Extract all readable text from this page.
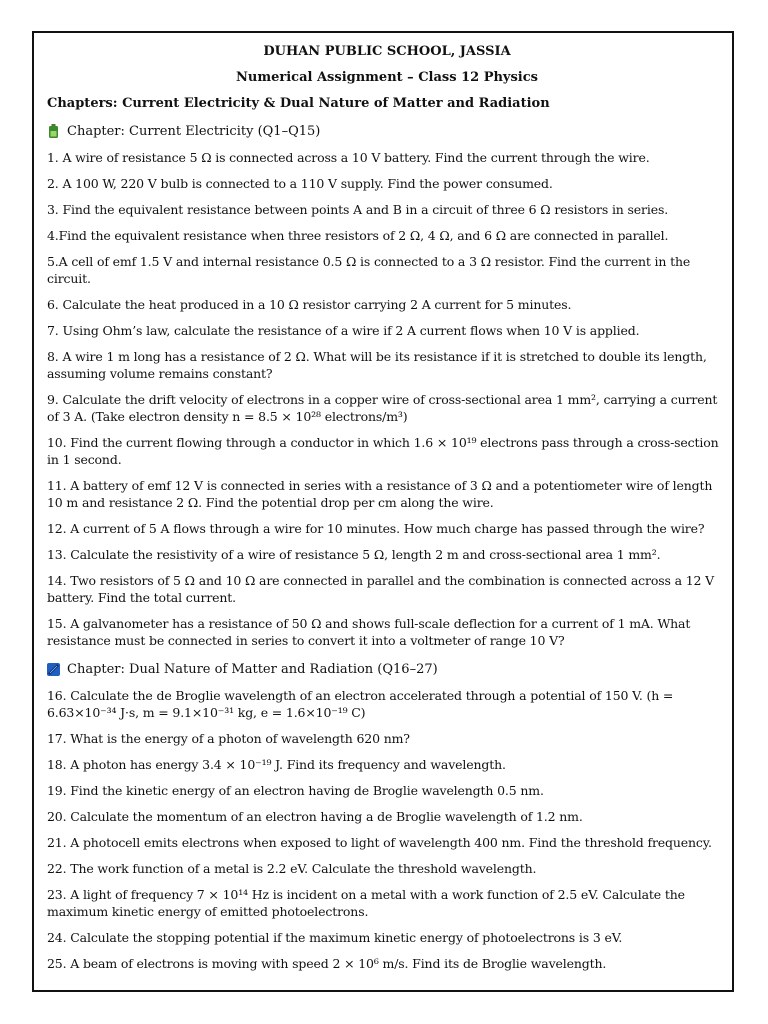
DUHAN PUBLIC SCHOOL, JASSIA
Numerical Assignment – Class 12 Physics
Chapters: Current Electricity & Dual Nature of Matter and Radiation
Chapter: Current Electricity (Q1–Q15)
1. A wire of resistance 5 Ω is connected across a 10 V battery. Find the current through the wire.
2. A 100 W, 220 V bulb is connected to a 110 V supply. Find the power consumed.
3. Find the equivalent resistance between points A and B in a circuit of three 6 Ω resistors in series.
4.Find the equivalent resistance when three resistors of 2 Ω, 4 Ω, and 6 Ω are connected in parallel.
5.A cell of emf 1.5 V and internal resistance 0.5 Ω is connected to a 3 Ω resistor. Find the current in the circuit.
6. Calculate the heat produced in a 10 Ω resistor carrying 2 A current for 5 minutes.
7. Using Ohm’s law, calculate the resistance of a wire if 2 A current flows when 10 V is applied.
8. A wire 1 m long has a resistance of 2 Ω. What will be its resistance if it is stretched to double its length, assuming volume remains constant?
9. Calculate the drift velocity of electrons in a copper wire of cross-sectional area 1 mm², carrying a current of 3 A. (Take electron density n = 8.5 × 10²⁸ electrons/m³)
10. Find the current flowing through a conductor in which 1.6 × 10¹⁹ electrons pass through a cross-section in 1 second.
11. A battery of emf 12 V is connected in series with a resistance of 3 Ω and a potentiometer wire of length 10 m and resistance 2 Ω. Find the potential drop per cm along the wire.
12. A current of 5 A flows through a wire for 10 minutes. How much charge has passed through the wire?
13. Calculate the resistivity of a wire of resistance 5 Ω, length 2 m and cross-sectional area 1 mm².
14. Two resistors of 5 Ω and 10 Ω are connected in parallel and the combination is connected across a 12 V battery. Find the total current.
15. A galvanometer has a resistance of 50 Ω and shows full-scale deflection for a current of 1 mA. What resistance must be connected in series to convert it into a voltmeter of range 10 V?
Chapter: Dual Nature of Matter and Radiation (Q16–27)
16. Calculate the de Broglie wavelength of an electron accelerated through a potential of 150 V. (h = 6.63×10⁻³⁴ J·s, m = 9.1×10⁻³¹ kg, e = 1.6×10⁻¹⁹ C)
17. What is the energy of a photon of wavelength 620 nm?
18. A photon has energy 3.4 × 10⁻¹⁹ J. Find its frequency and wavelength.
19. Find the kinetic energy of an electron having de Broglie wavelength 0.5 nm.
20. Calculate the momentum of an electron having a de Broglie wavelength of 1.2 nm.
21. A photocell emits electrons when exposed to light of wavelength 400 nm. Find the threshold frequency.
22. The work function of a metal is 2.2 eV. Calculate the threshold wavelength.
23. A light of frequency 7 × 10¹⁴ Hz is incident on a metal with a work function of 2.5 eV. Calculate the maximum kinetic energy of emitted photoelectrons.
24. Calculate the stopping potential if the maximum kinetic energy of photoelectrons is 3 eV.
25. A beam of electrons is moving with speed 2 × 10⁶ m/s. Find its de Broglie wavelength.
